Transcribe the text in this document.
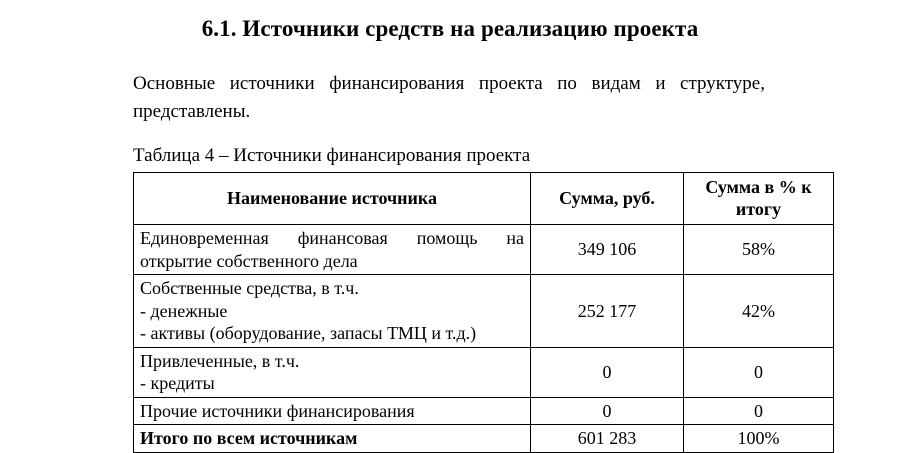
6.1. Источники средств на реализацию проекта

Основные источники финансирования проекта по видам и структуре,
представлены.

Таблица 4 – Источники финансирования проекта
Наименование источника	Сумма, руб.	Сумма в % к
итогу

Единовременная финансовая помощь на
открытие собственного дела	349 106	58%
Собственные средства, в т.ч.
- денежные
- активы (оборудование, запасы ТМЦ и т.д.)	252 177	42%
Привлеченные, в т.ч.
- кредиты	0	0
Прочие источники финансирования	0	0
Итого по всем источникам	601 283	100%
